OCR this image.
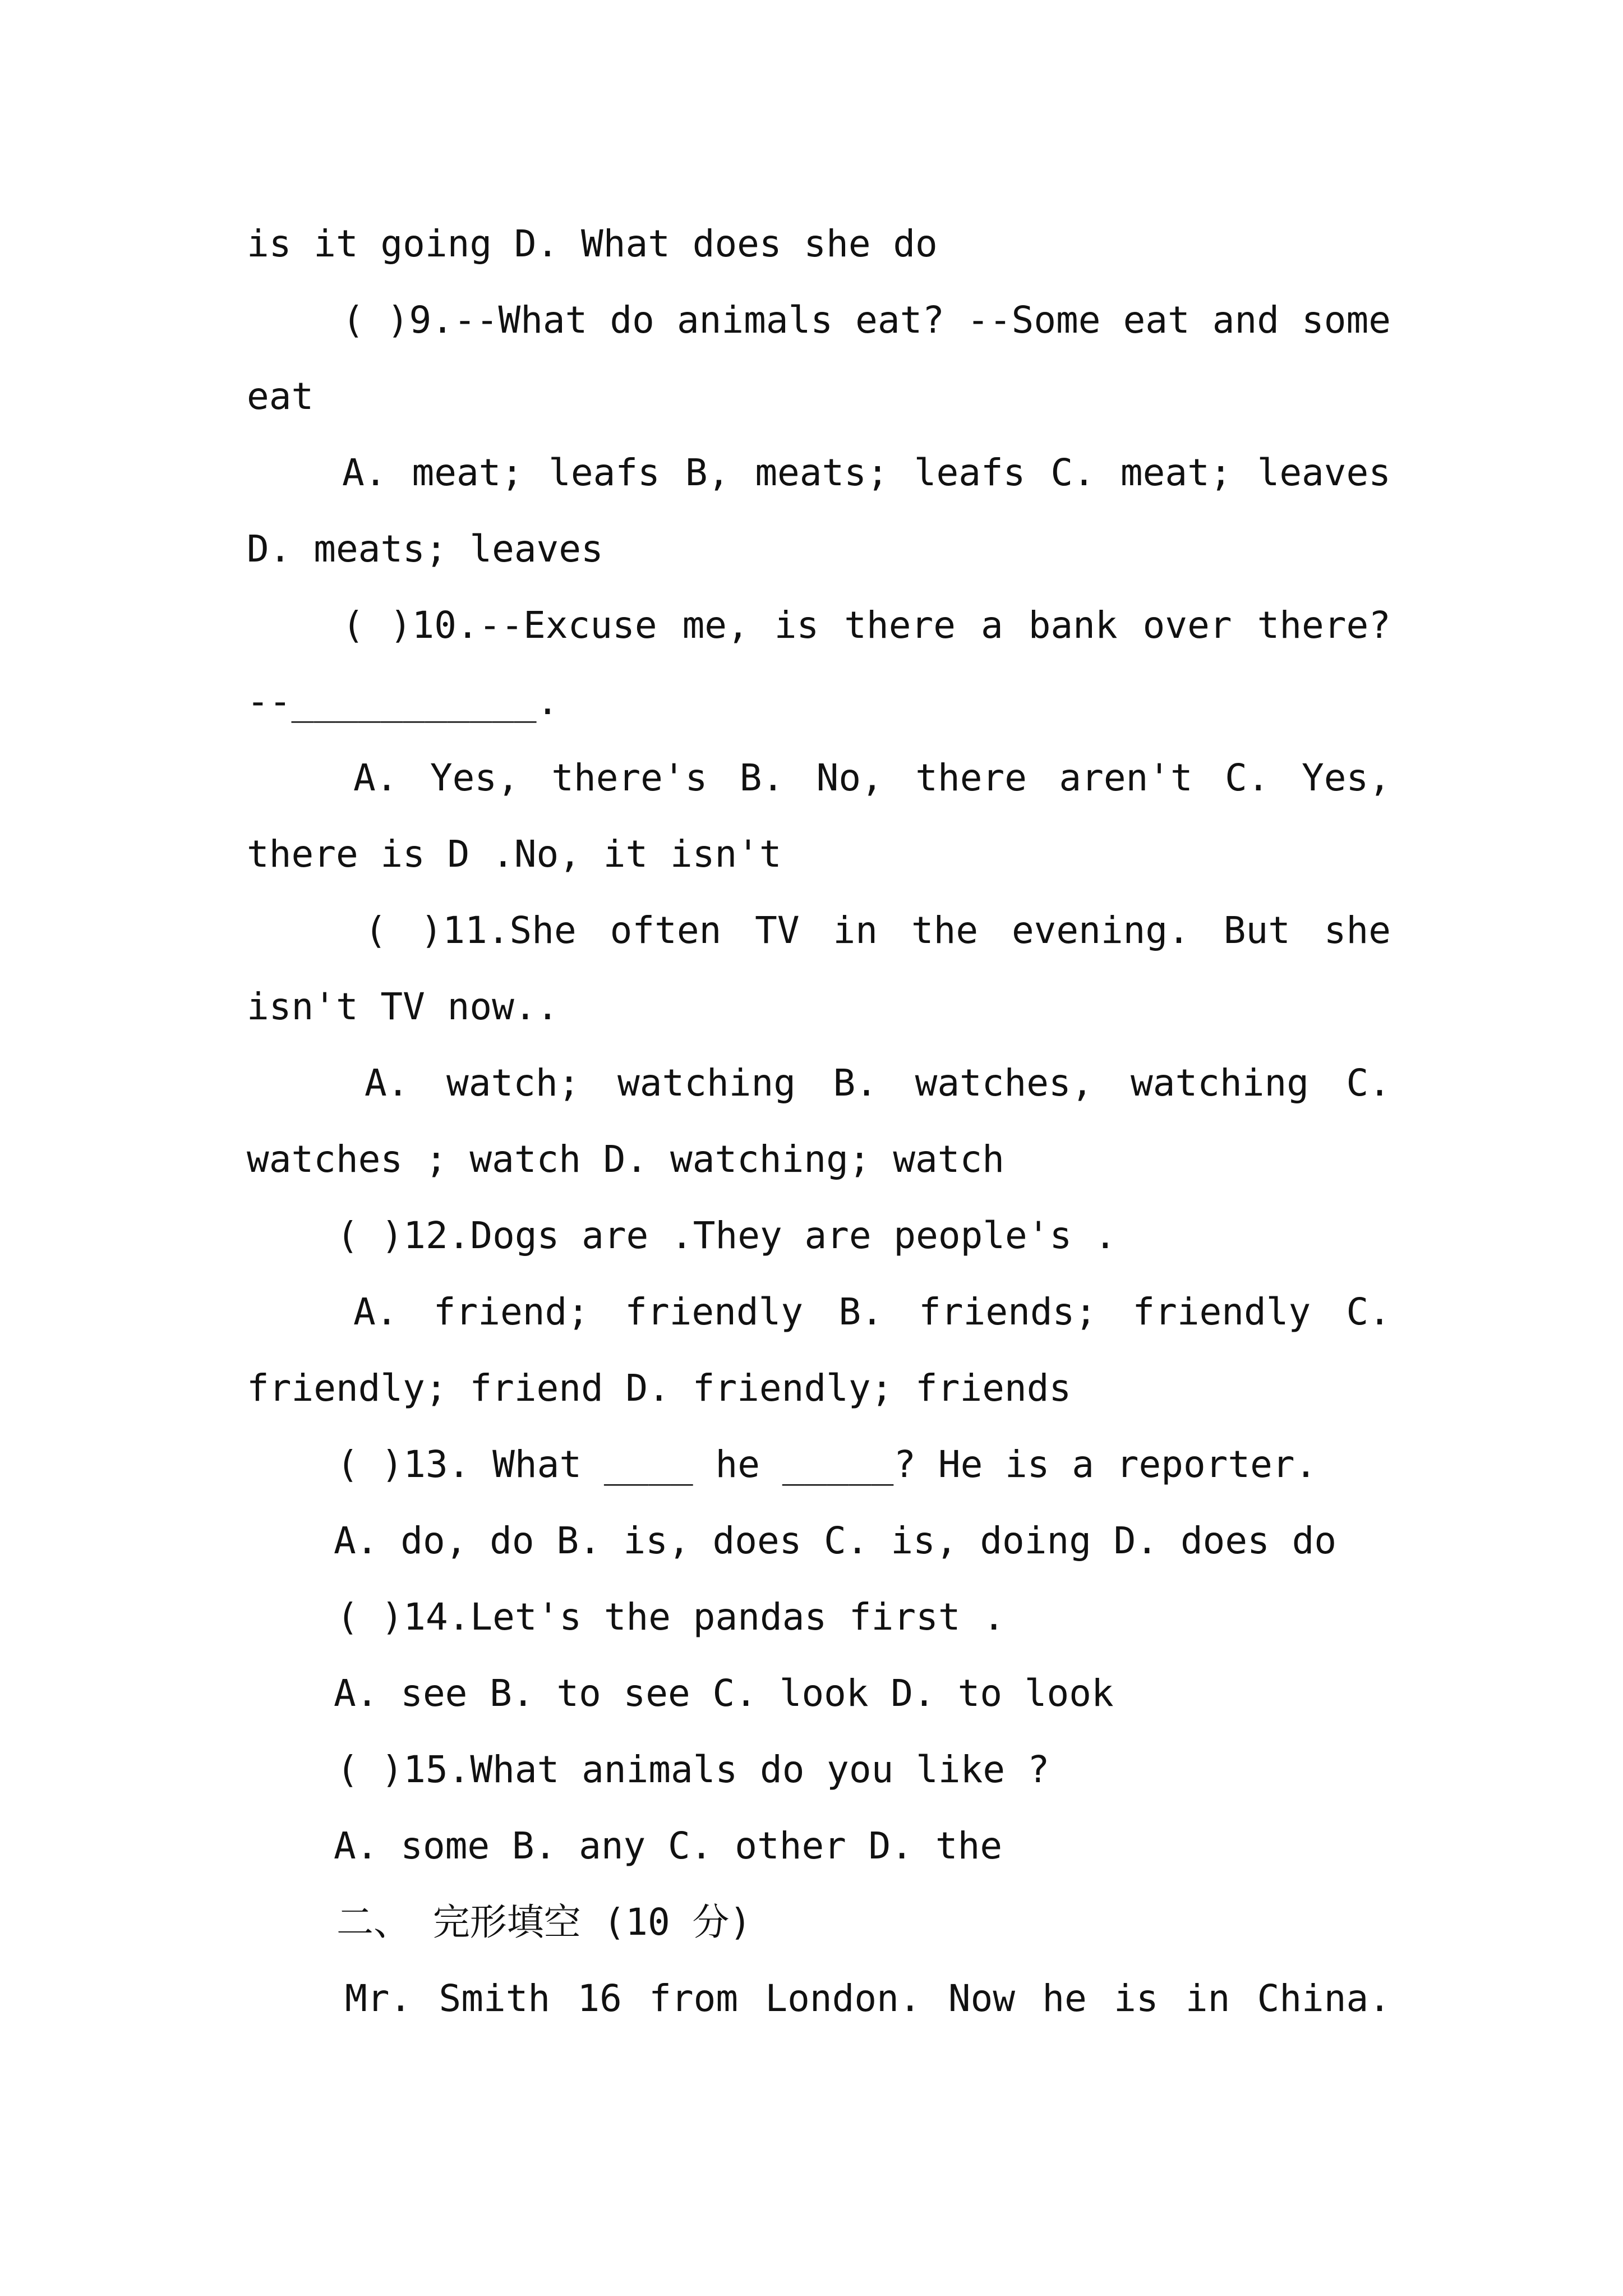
is it going D. What does she do
( )9.--What do animals eat? --Some eat and some
eat
A. meat; leafs B, meats; leafs C. meat; leaves
D. meats; leaves
( )10.--Excuse me, is there a bank over there?
--___________.
A. Yes, there's B. No, there aren't C. Yes,
there is D .No, it isn't
( )11.She often TV in the evening. But she
isn't TV now..
A. watch; watching B. watches, watching C.
watches ; watch D. watching; watch
( )12.Dogs are .They are people's .
A. friend; friendly B. friends; friendly C.
friendly; friend D. friendly; friends
( )13. What ____ he _____? He is a reporter.
A. do, do B. is, does C. is, doing D. does do
( )14.Let's the pandas first .
A. see B. to see C. look D. to look
( )15.What animals do you like ?
A. some B. any C. other D. the
二、 完形填空 (10 分)
Mr. Smith 16 from London. Now he is in China.
